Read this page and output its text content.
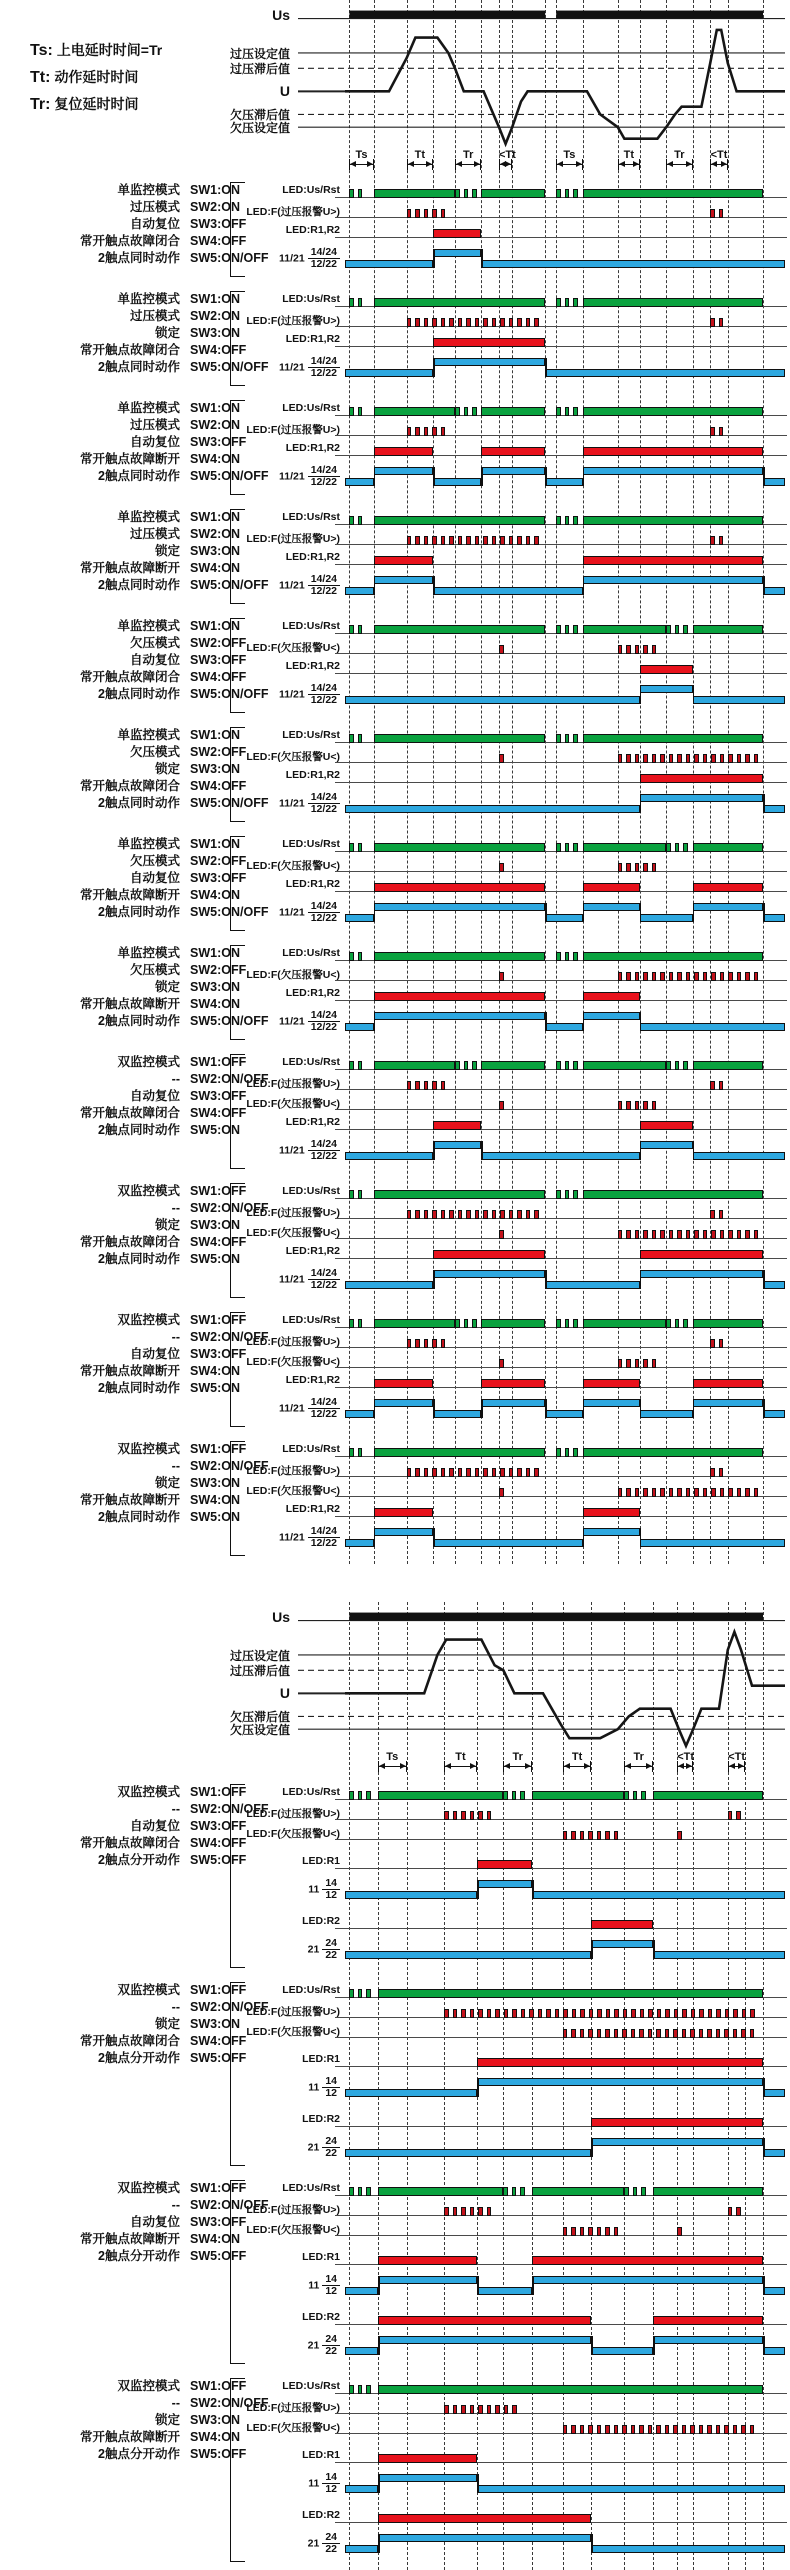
Ts: 上电延时时间=Tr
Tt: 动作延时时间
Tr: 复位延时时间
Us
过压设定值
过压滞后值
U
欠压滞后值
欠压设定值
Ts	Tt	Tr	<Tt	Ts	Tt	Tr	<Tt
单监控模式 SW1:ON
过压模式 SW2:ON
自动复位 SW3:OFF
常开触点故障闭合 SW4:OFF
2触点同时动作 SW5:ON/OFF
LED:Us/Rst
LED:F(过压报警U>)
LED:R1,R2
$11/21 \frac{14/24}{12/22}$
单监控模式 SW1:ON
过压模式 SW2:ON
锁定 SW3:ON
常开触点故障闭合 SW4:OFF
2触点同时动作 SW5:ON/OFF
LED:Us/Rst
LED:F(过压报警U>)
LED:R1,R2
$11/21 \frac{14/24}{12/22}$
单监控模式 SW1:ON
过压模式 SW2:ON
自动复位 SW3:OFF
常开触点故障断开 SW4:ON
2触点同时动作 SW5:ON/OFF
LED:Us/Rst
LED:F(过压报警U>)
LED:R1,R2
$11/21 \frac{14/24}{12/22}$
单监控模式 SW1:ON
过压模式 SW2:ON
锁定 SW3:ON
常开触点故障断开 SW4:ON
2触点同时动作 SW5:ON/OFF
LED:Us/Rst
LED:F(过压报警U>)
LED:R1,R2
$11/21 \frac{14/24}{12/22}$
单监控模式 SW1:ON
欠压模式 SW2:OFF
自动复位 SW3:OFF
常开触点故障闭合 SW4:OFF
2触点同时动作 SW5:ON/OFF
LED:Us/Rst
LED:F(欠压报警U<)
LED:R1,R2
$11/21 \frac{14/24}{12/22}$
单监控模式 SW1:ON
欠压模式 SW2:OFF
锁定 SW3:ON
常开触点故障闭合 SW4:OFF
2触点同时动作 SW5:ON/OFF
LED:Us/Rst
LED:F(欠压报警U<)
LED:R1,R2
$11/21 \frac{14/24}{12/22}$
单监控模式 SW1:ON
欠压模式 SW2:OFF
自动复位 SW3:OFF
常开触点故障断开 SW4:ON
2触点同时动作 SW5:ON/OFF
LED:Us/Rst
LED:F(欠压报警U<)
LED:R1,R2
$11/21 \frac{14/24}{12/22}$
单监控模式 SW1:ON
欠压模式 SW2:OFF
锁定 SW3:ON
常开触点故障断开 SW4:ON
2触点同时动作 SW5:ON/OFF
LED:Us/Rst
LED:F(欠压报警U<)
LED:R1,R2
$11/21 \frac{14/24}{12/22}$
双监控模式 SW1:OFF
-- SW2:ON/OFF
自动复位 SW3:OFF
常开触点故障闭合 SW4:OFF
2触点同时动作 SW5:ON
LED:Us/Rst
LED:F(过压报警U>)
LED:F(欠压报警U<)
LED:R1,R2
$11/21 \frac{14/24}{12/22}$
双监控模式 SW1:OFF
-- SW2:ON/OFF
锁定 SW3:ON
常开触点故障闭合 SW4:OFF
2触点同时动作 SW5:ON
LED:Us/Rst
LED:F(过压报警U>)
LED:F(欠压报警U<)
LED:R1,R2
$11/21 \frac{14/24}{12/22}$
双监控模式 SW1:OFF
-- SW2:ON/OFF
自动复位 SW3:OFF
常开触点故障断开 SW4:ON
2触点同时动作 SW5:ON
LED:Us/Rst
LED:F(过压报警U>)
LED:F(欠压报警U<)
LED:R1,R2
$11/21 \frac{14/24}{12/22}$
双监控模式 SW1:OFF
-- SW2:ON/OFF
锁定 SW3:ON
常开触点故障断开 SW4:ON
2触点同时动作 SW5:ON
LED:Us/Rst
LED:F(过压报警U>)
LED:F(欠压报警U<)
LED:R1,R2
$11/21 \frac{14/24}{12/22}$
Us
过压设定值
过压滞后值
U
欠压滞后值
欠压设定值
Ts	Tt	Tr	Tt	Tr	<Tt	<Tt
双监控模式 SW1:OFF
-- SW2:ON/OFF
自动复位 SW3:OFF
常开触点故障闭合 SW4:OFF
2触点分开动作 SW5:OFF
LED:Us/Rst
LED:F(过压报警U>)
LED:F(欠压报警U<)
LED:R1
$11 \frac{14}{12}$
LED:R2
$21 \frac{24}{22}$
双监控模式 SW1:OFF
-- SW2:ON/OFF
锁定 SW3:ON
常开触点故障闭合 SW4:OFF
2触点分开动作 SW5:OFF
LED:Us/Rst
LED:F(过压报警U>)
LED:F(欠压报警U<)
LED:R1
$11 \frac{14}{12}$
LED:R2
$21 \frac{24}{22}$
双监控模式 SW1:OFF
-- SW2:ON/OFF
自动复位 SW3:OFF
常开触点故障断开 SW4:ON
2触点分开动作 SW5:OFF
LED:Us/Rst
LED:F(过压报警U>)
LED:F(欠压报警U<)
LED:R1
$11 \frac{14}{12}$
LED:R2
$21 \frac{24}{22}$
双监控模式 SW1:OFF
-- SW2:ON/OFF
锁定 SW3:ON
常开触点故障断开 SW4:ON
2触点分开动作 SW5:OFF
LED:Us/Rst
LED:F(过压报警U>)
LED:F(欠压报警U<)
LED:R1
$11 \frac{14}{12}$
LED:R2
$21 \frac{24}{22}$
